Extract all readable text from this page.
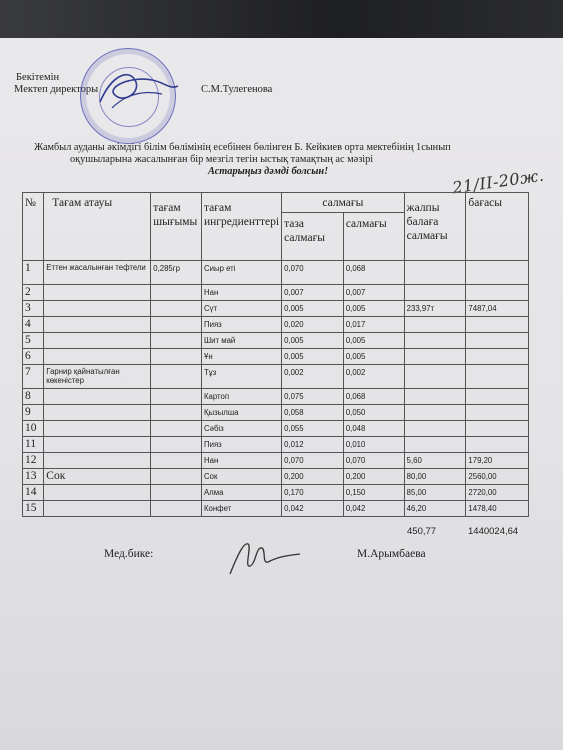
Бекітемін
Мектеп директоры	С.М.Тулегенова
Жамбыл ауданы әкімдігі білім бөлімінің есебінен бөлінген Б. Кейкиев орта мектебінің 1сынып
оқушыларына жасалынған бір мезгіл тегін ыстық тамақтың ас мәзірі
Астарыңыз дәмді болсын!	21/II-20ж.
№	Тағам атауы	тағам шығымы	тағам ингредиенттері	салмағы		жалпы балаға салмағы	бағасы
				таза салмағы	салмағы		
1	Еттен жасалынған тефтели	0,285гр	Сиыр еті	0,070	0,068		
2			Нан	0,007	0,007		
3			Сүт	0,005	0,005	233,97т	7487,04
4			Пияз	0,020	0,017		
5			Шит май	0,005	0,005		
6			Ұн	0,005	0,005		
7	Гарнир қайнатылған көкеністер		Тұз	0,002	0,002		
8			Картоп	0,075	0,068		
9			Қызылша	0,058	0,050		
10			Сәбіз	0,055	0,048		
11			Пияз	0,012	0,010		
12			Нан	0,070	0,070	5,60	179,20
13	Сок		Сок	0,200	0,200	80,00	2560,00
14			Алма	0,170	0,150	85,00	2720,00
15			Конфет	0,042	0,042	46,20	1478,40
450,77	1440024,64
Мед.бике:	М.Арымбаева
